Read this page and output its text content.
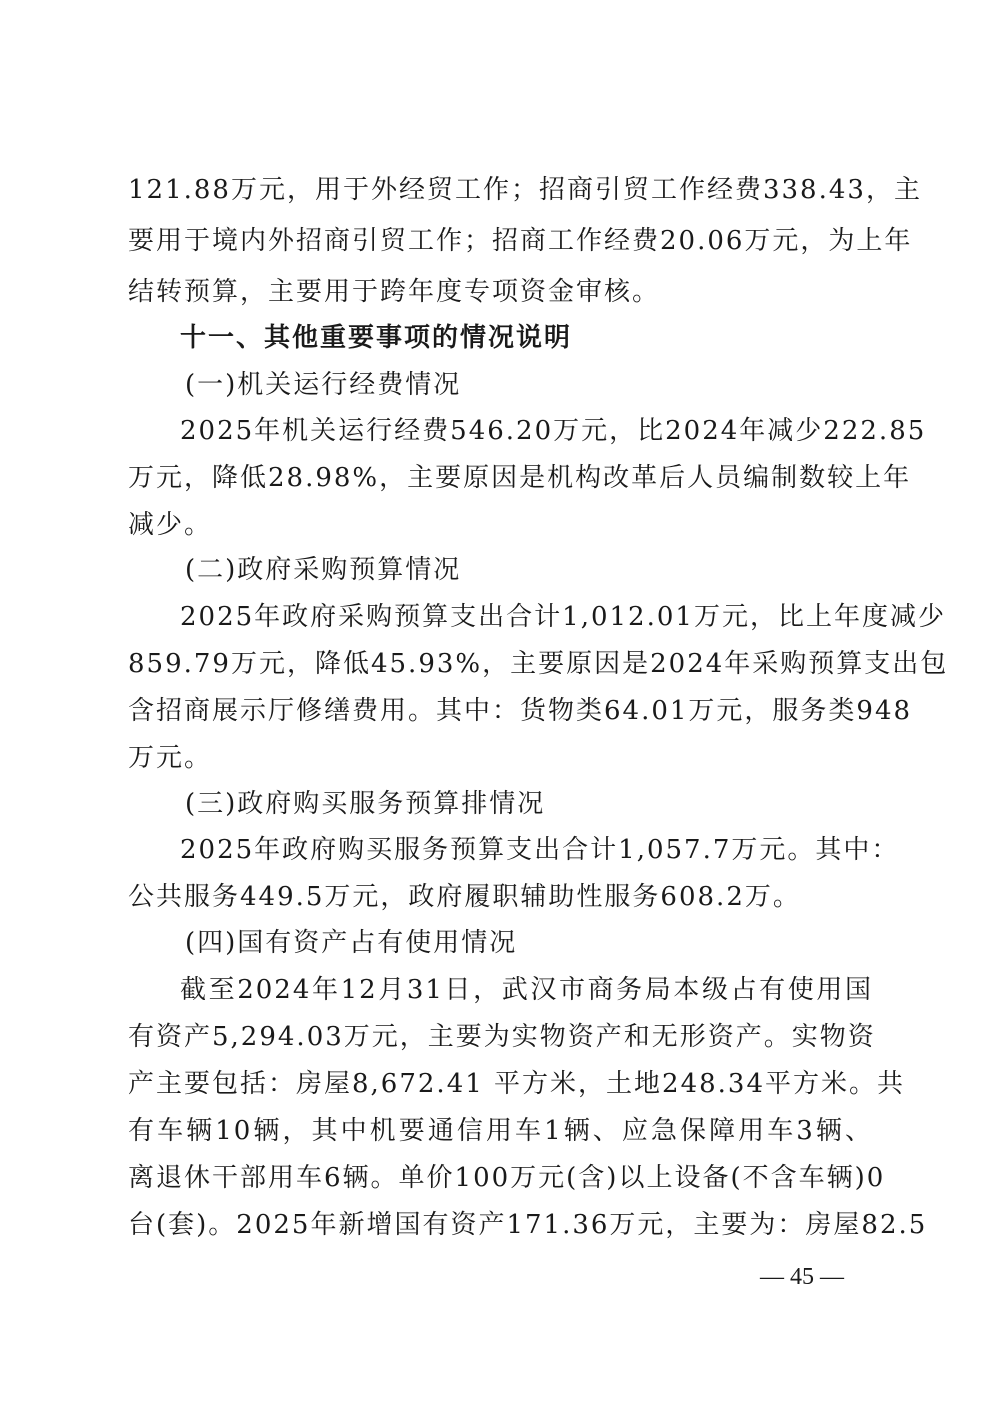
121.88万元，用于外经贸工作；招商引贸工作经费338.43，主
要用于境内外招商引贸工作；招商工作经费20.06万元，为上年
结转预算，主要用于跨年度专项资金审核。
十一、其他重要事项的情况说明
(一)机关运行经费情况
2025年机关运行经费546.20万元，比2024年减少222.85
万元，降低28.98%，主要原因是机构改革后人员编制数较上年
减少。
(二)政府采购预算情况
2025年政府采购预算支出合计1,012.01万元，比上年度减少
859.79万元，降低45.93%，主要原因是2024年采购预算支出包
含招商展示厅修缮费用。其中：货物类64.01万元，服务类948
万元。
(三)政府购买服务预算排情况
2025年政府购买服务预算支出合计1,057.7万元。其中：
公共服务449.5万元，政府履职辅助性服务608.2万。
(四)国有资产占有使用情况
截至2024年12月31日，武汉市商务局本级占有使用国
有资产5,294.03万元，主要为实物资产和无形资产。实物资
产主要包括：房屋8,672.41 平方米，土地248.34平方米。共
有车辆10辆，其中机要通信用车1辆、应急保障用车3辆、
离退休干部用车6辆。单价100万元(含)以上设备(不含车辆)0
台(套)。2025年新增国有资产171.36万元，主要为：房屋82.5
— 45 —
